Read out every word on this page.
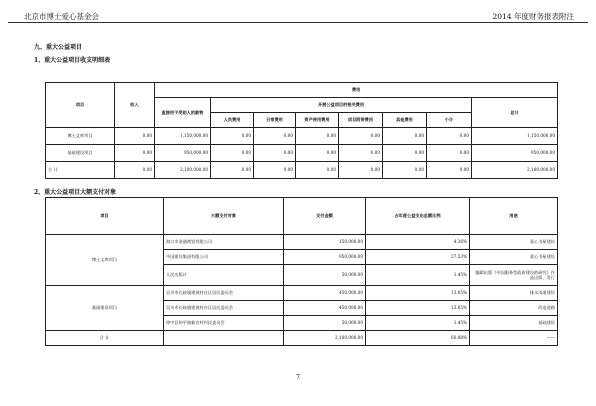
北京市博士爱心基金会	2014 年度财务报表附注
九、重大公益项目
1、重大公益项目收支明细表
项目	收入	费用							
		直接用于受助人的款物	开展公益项目的相关费用						总计
			人员费用	日常费用	资产使用费用	项目附带费用	其他费用	小计	
博士文库项目	0.00	1,150,000.00	0.00	0.00	0.00	0.00	0.00	0.00	1,150,000.00
基础建设项目	0.00	950,000.00	0.00	0.00	0.00	0.00	0.00	0.00	950,000.00
合 计	0.00	2,100,000.00	0.00	0.00	0.00	0.00	0.00	0.00	2,100,000.00
2、重大公益项目大额支付对象
项目	大额支付对象	支付金额	占年度公益支出总额比例	用途
博士文库项目	海口市金通商贸有限公司	150,000.00	4.36%	爱心书屋建设
	中国建设集团有限公司	950,000.00	27.53%	爱心书屋建设
	人民出版社	50,000.00	1.45%	编辑出版《中国服务型政府建设的研究》作品出版、发行
基础建设项目	吴川市长岐镇建坡村社区居民委员会	450,000.00	13.05%	排水沟道建设
	吴川市长岐镇建坡村社区居民委员会	450,000.00	13.05%	改造道路
	徐中县和平镇新农村村民委员会	50,000.00	1.45%	基础建设
合 计		2,100,000.00	60.88%	——
7
